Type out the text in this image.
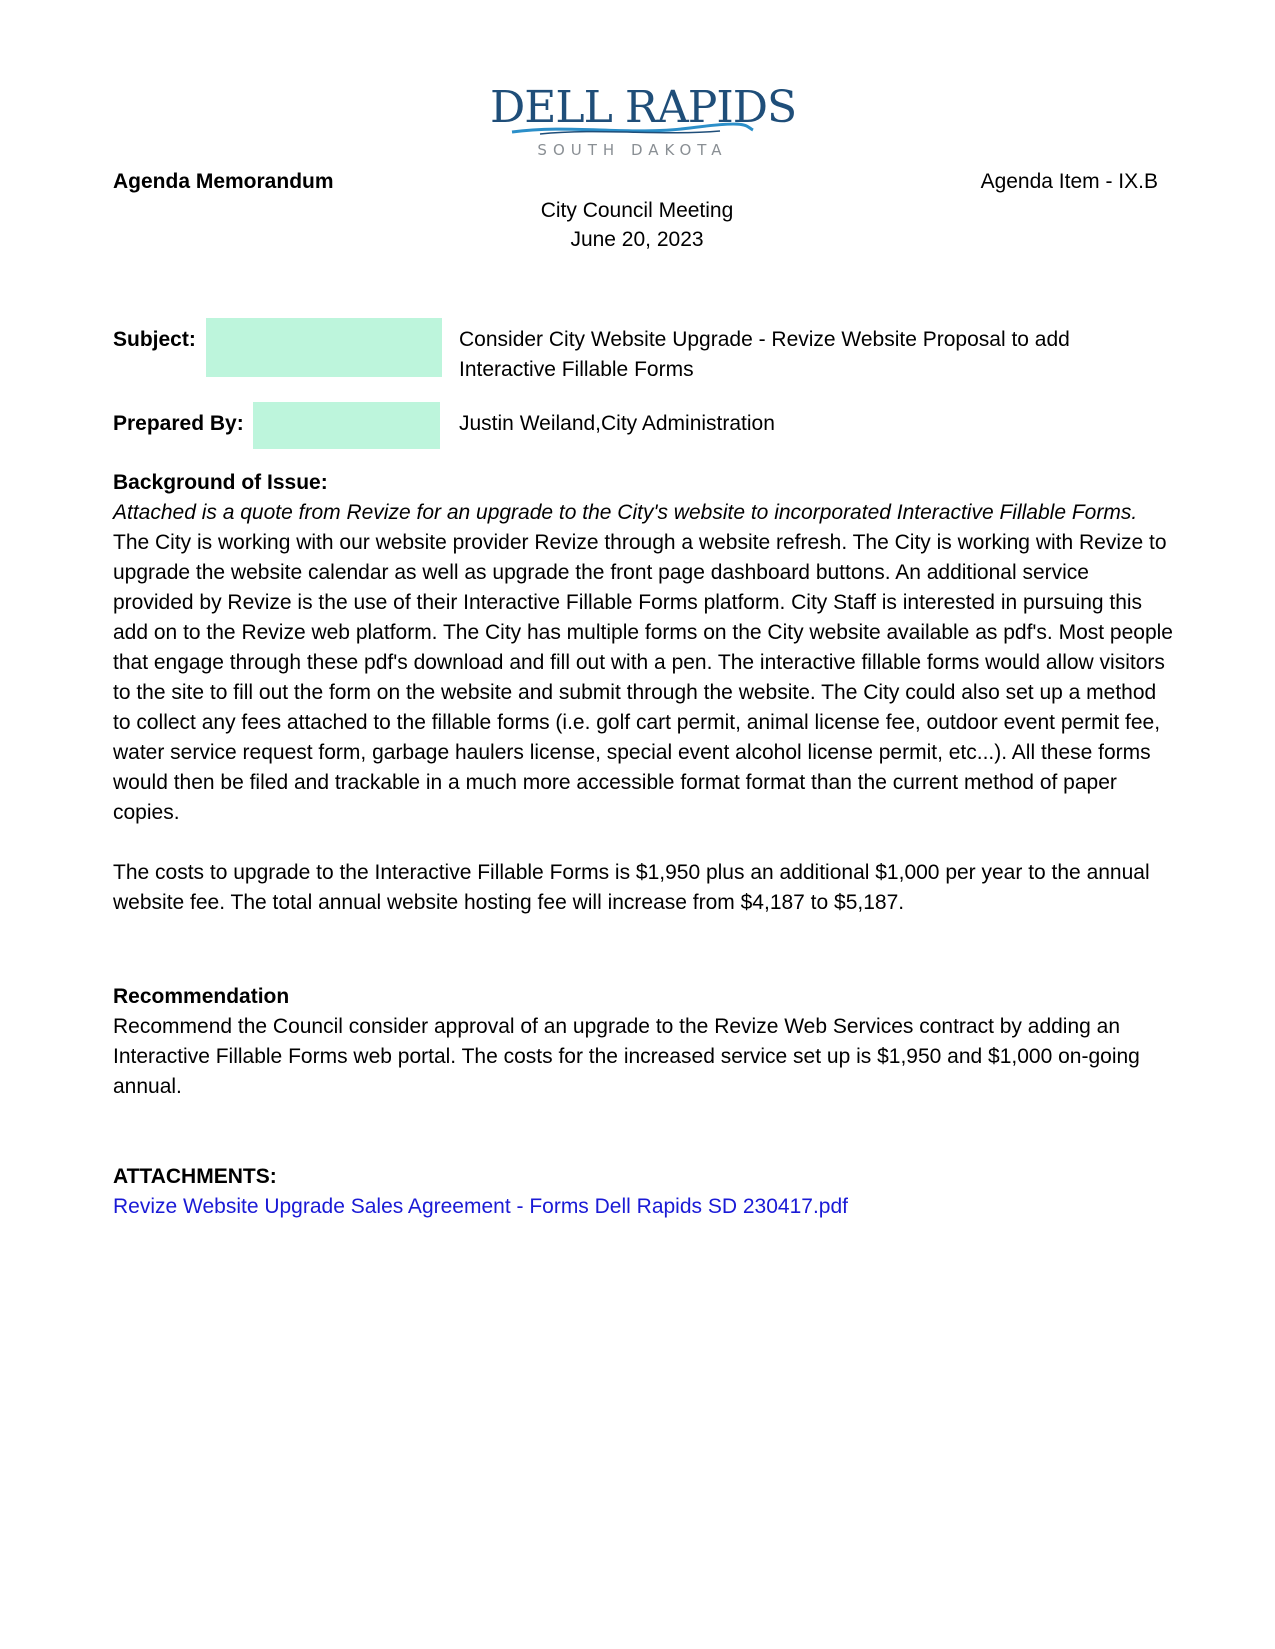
DELL RAPIDS
SOUTH DAKOTA
Agenda Memorandum	Agenda Item - IX.B
City Council Meeting
June 20, 2023
Subject:	Consider City Website Upgrade - Revize Website Proposal to add
Interactive Fillable Forms
Prepared By:	Justin Weiland,City Administration

Background of Issue:

Attached is a quote from Revize for an upgrade to the City's website to incorporated Interactive Fillable Forms. The City is working with our website provider Revize through a website refresh. The City is working with Revize to upgrade the website calendar as well as upgrade the front page dashboard buttons. An additional service provided by Revize is the use of their Interactive Fillable Forms platform. City Staff is interested in pursuing this add on to the Revize web platform. The City has multiple forms on the City website available as pdf's. Most people that engage through these pdf's download and fill out with a pen. The interactive fillable forms would allow visitors to the site to fill out the form on the website and submit through the website. The City could also set up a method to collect any fees attached to the fillable forms (i.e. golf cart permit, animal license fee, outdoor event permit fee, water service request form, garbage haulers license, special event alcohol license permit, etc...). All these forms would then be filed and trackable in a much more accessible format format than the current method of paper copies.

The costs to upgrade to the Interactive Fillable Forms is $1,950 plus an additional $1,000 per year to the annual website fee. The total annual website hosting fee will increase from $4,187 to $5,187.

Recommendation

Recommend the Council consider approval of an upgrade to the Revize Web Services contract by adding an Interactive Fillable Forms web portal. The costs for the increased service set up is $1,950 and $1,000 on-going annual.

ATTACHMENTS:

Revize Website Upgrade Sales Agreement - Forms Dell Rapids SD 230417.pdf
